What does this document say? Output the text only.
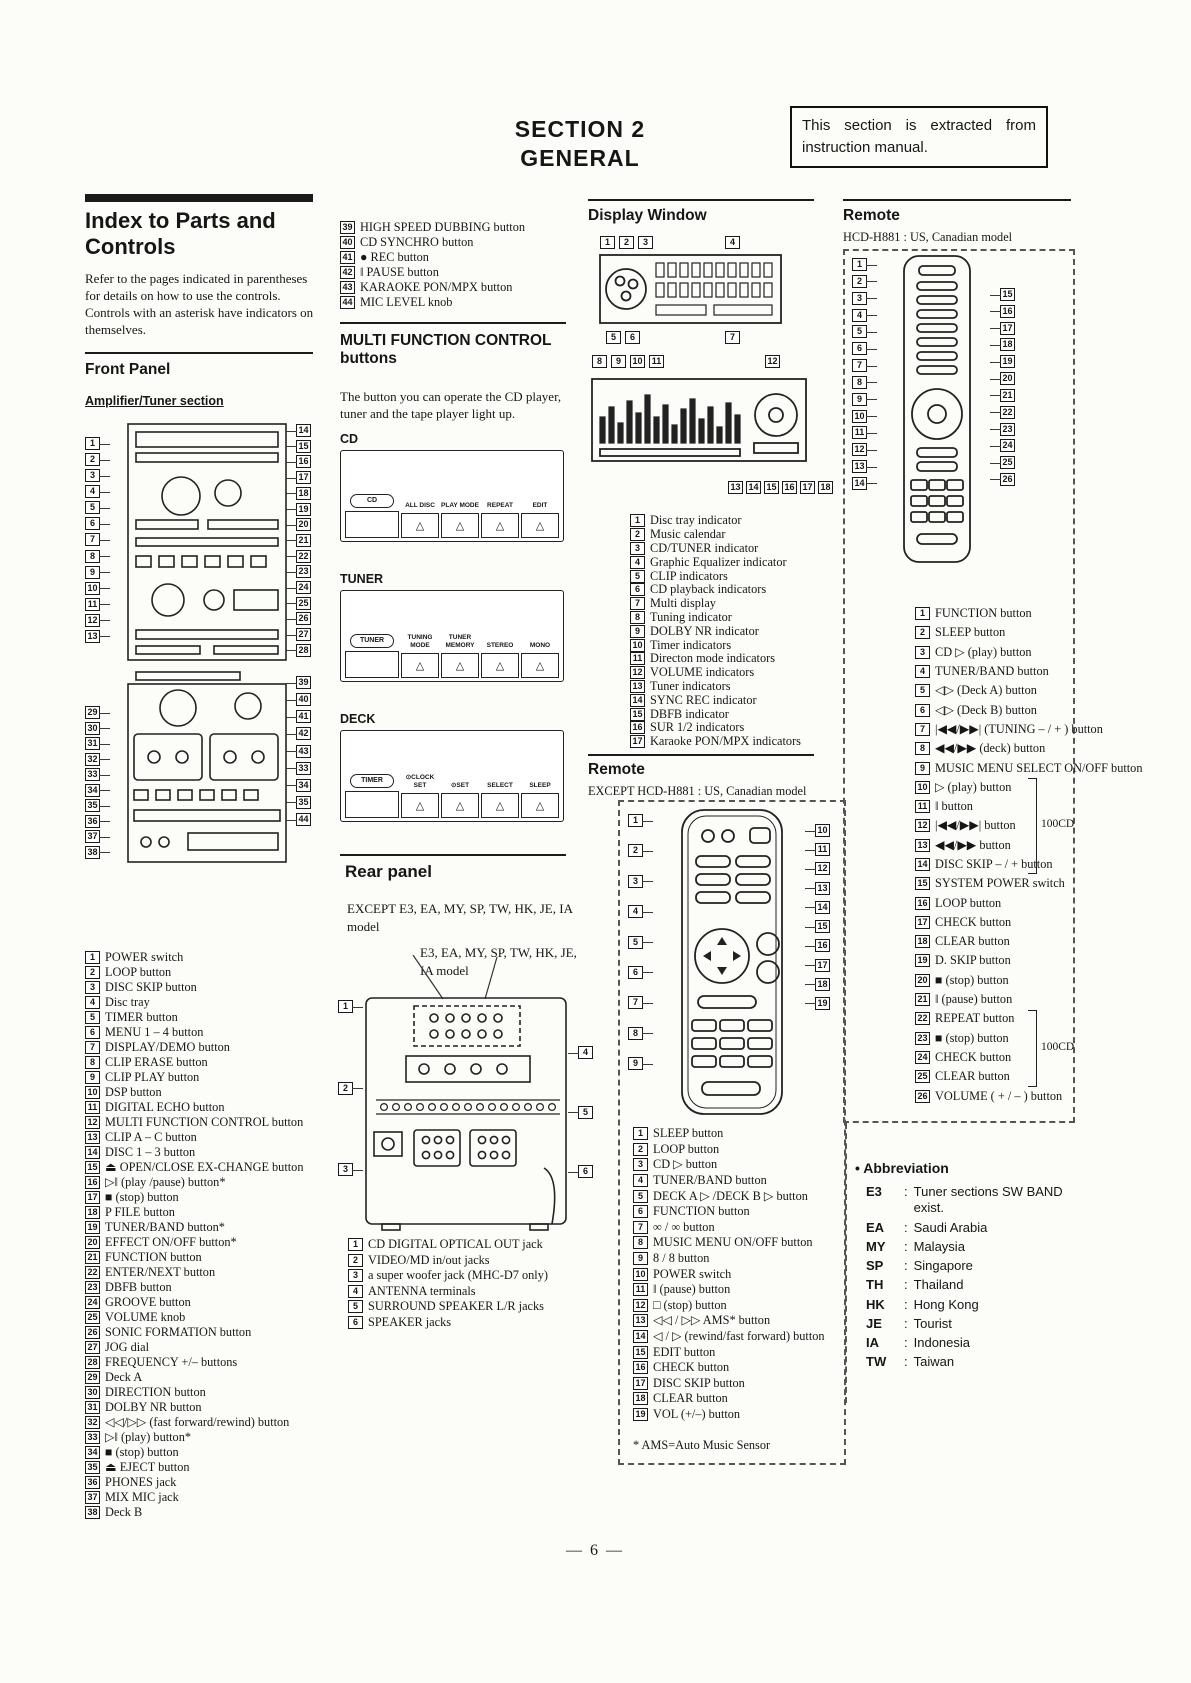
SECTION 2
GENERAL
This section is extracted from instruction manual.
Index to Parts and Controls
Refer to the pages indicated in parentheses for details on how to use the controls. Controls with an asterisk have indicators on themselves.
Front Panel
Amplifier/Tuner section
1
2
3
4
5
6
7
8
9
10
11
12
13
14
15
16
17
18
19
20
21
22
23
24
25
26
27
28
29
30
31
32
33
34
35
36
37
38
39
40
41
42
43
33
34
35
44
1 POWER switch
2 LOOP button
3 DISC SKIP button
4 Disc tray
5 TIMER button
6 MENU 1 – 4 button
7 DISPLAY/DEMO button
8 CLIP ERASE button
9 CLIP PLAY button
10 DSP button
11 DIGITAL ECHO button
12 MULTI FUNCTION CONTROL button
13 CLIP A – C button
14 DISC 1 – 3 button
15 ⏏ OPEN/CLOSE EX-CHANGE button
16 ▷‖ (play /pause) button*
17 ■ (stop) button
18 P FILE button
19 TUNER/BAND button*
20 EFFECT ON/OFF button*
21 FUNCTION button
22 ENTER/NEXT button
23 DBFB button
24 GROOVE button
25 VOLUME knob
26 SONIC FORMATION button
27 JOG dial
28 FREQUENCY +/– buttons
29 Deck A
30 DIRECTION button
31 DOLBY NR button
32 ◁◁/▷▷ (fast forward/rewind) button
33 ▷‖ (play) button*
34 ■ (stop) button
35 ⏏ EJECT button
36 PHONES jack
37 MIX MIC jack
38 Deck B
39 HIGH SPEED DUBBING button
40 CD SYNCHRO button
41 ● REC button
42 ‖ PAUSE button
43 KARAOKE PON/MPX button
44 MIC LEVEL knob
MULTI FUNCTION CONTROL buttons
The button you can operate the CD player, tuner and the tape player light up.
CD
CD
ALL DISC
△
PLAY MODE
△
REPEAT
△
EDIT
△
TUNER
TUNER	TUNING MODE
△
TUNER MEMORY
△
STEREO
△
MONO
△
DECK
TIMER	⊙CLOCK SET
△
⊙SET
△
SELECT
△
SLEEP
△
Rear panel
EXCEPT E3, EA, MY, SP, TW, HK, JE, IA model
E3, EA, MY, SP, TW, HK, JE, IA model
1
2
3
4
5
6
1 CD DIGITAL OPTICAL OUT jack
2 VIDEO/MD in/out jacks
3 a super woofer jack (MHC-D7 only)
4 ANTENNA terminals
5 SURROUND SPEAKER L/R jacks
6 SPEAKER jacks
Display Window
1	2	3	4
5	6	7
8	9	10	11	12
13 14 15 16 17 18
1 Disc tray indicator
2 Music calendar
3 CD/TUNER indicator
4 Graphic Equalizer indicator
5 CLIP indicators
6 CD playback indicators
7 Multi display
8 Tuning indicator
9 DOLBY NR indicator
10 Timer indicators
11 Directon mode indicators
12 VOLUME indicators
13 Tuner indicators
14 SYNC REC indicator
15 DBFB indicator
16 SUR 1/2 indicators
17 Karaoke PON/MPX indicators
Remote
EXCEPT HCD-H881 : US, Canadian model
1
2
3
4
5
6
7
8
9
10
11
12
13
14
15
16
17
18
19
1 SLEEP button
2 LOOP button
3 CD ▷ button
4 TUNER/BAND button
5 DECK A ▷ /DECK B ▷ button
6 FUNCTION button
7 ∞ / ∞ button
8 MUSIC MENU ON/OFF button
9 8 / 8 button
10 POWER switch
11 ‖ (pause) button
12 □ (stop) button
13 ◁◁ / ▷▷ AMS* button
14 ◁ / ▷ (rewind/fast forward) button
15 EDIT button
16 CHECK button
17 DISC SKIP button
18 CLEAR button
19 VOL (+/–) button
* AMS=Auto Music Sensor
Remote
HCD-H881 : US, Canadian model
1
2
3
4
5
6
7
8
9
10
11
12
13
14
15
16
17
18
19
20
21
22
23
24
25
26
1 FUNCTION button
2 SLEEP button
3 CD ▷ (play) button
4 TUNER/BAND button
5 ◁▷ (Deck A) button
6 ◁▷ (Deck B) button
7 |◀◀/▶▶| (TUNING – / + ) button
8 ◀◀/▶▶ (deck) button
9 MUSIC MENU SELECT ON/OFF button
10 ▷ (play) button
11 ‖ button
12 |◀◀/▶▶| button
13 ◀◀/▶▶ button
14 DISC SKIP – / + button
15 SYSTEM POWER switch
16 LOOP button
17 CHECK button
18 CLEAR button
19 D. SKIP button
20 ■ (stop) button
21 ‖ (pause) button
22 REPEAT button
23 ■ (stop) button
24 CHECK button
25 CLEAR button
26 VOLUME ( + / – ) button
100CD
100CD
• Abbreviation
E3	: Tuner sections SW BAND exist.
EA	: Saudi Arabia
MY	: Malaysia
SP	: Singapore
TH	: Thailand
HK	: Hong Kong
JE	: Tourist
IA	: Indonesia
TW	: Taiwan
— 6 —
